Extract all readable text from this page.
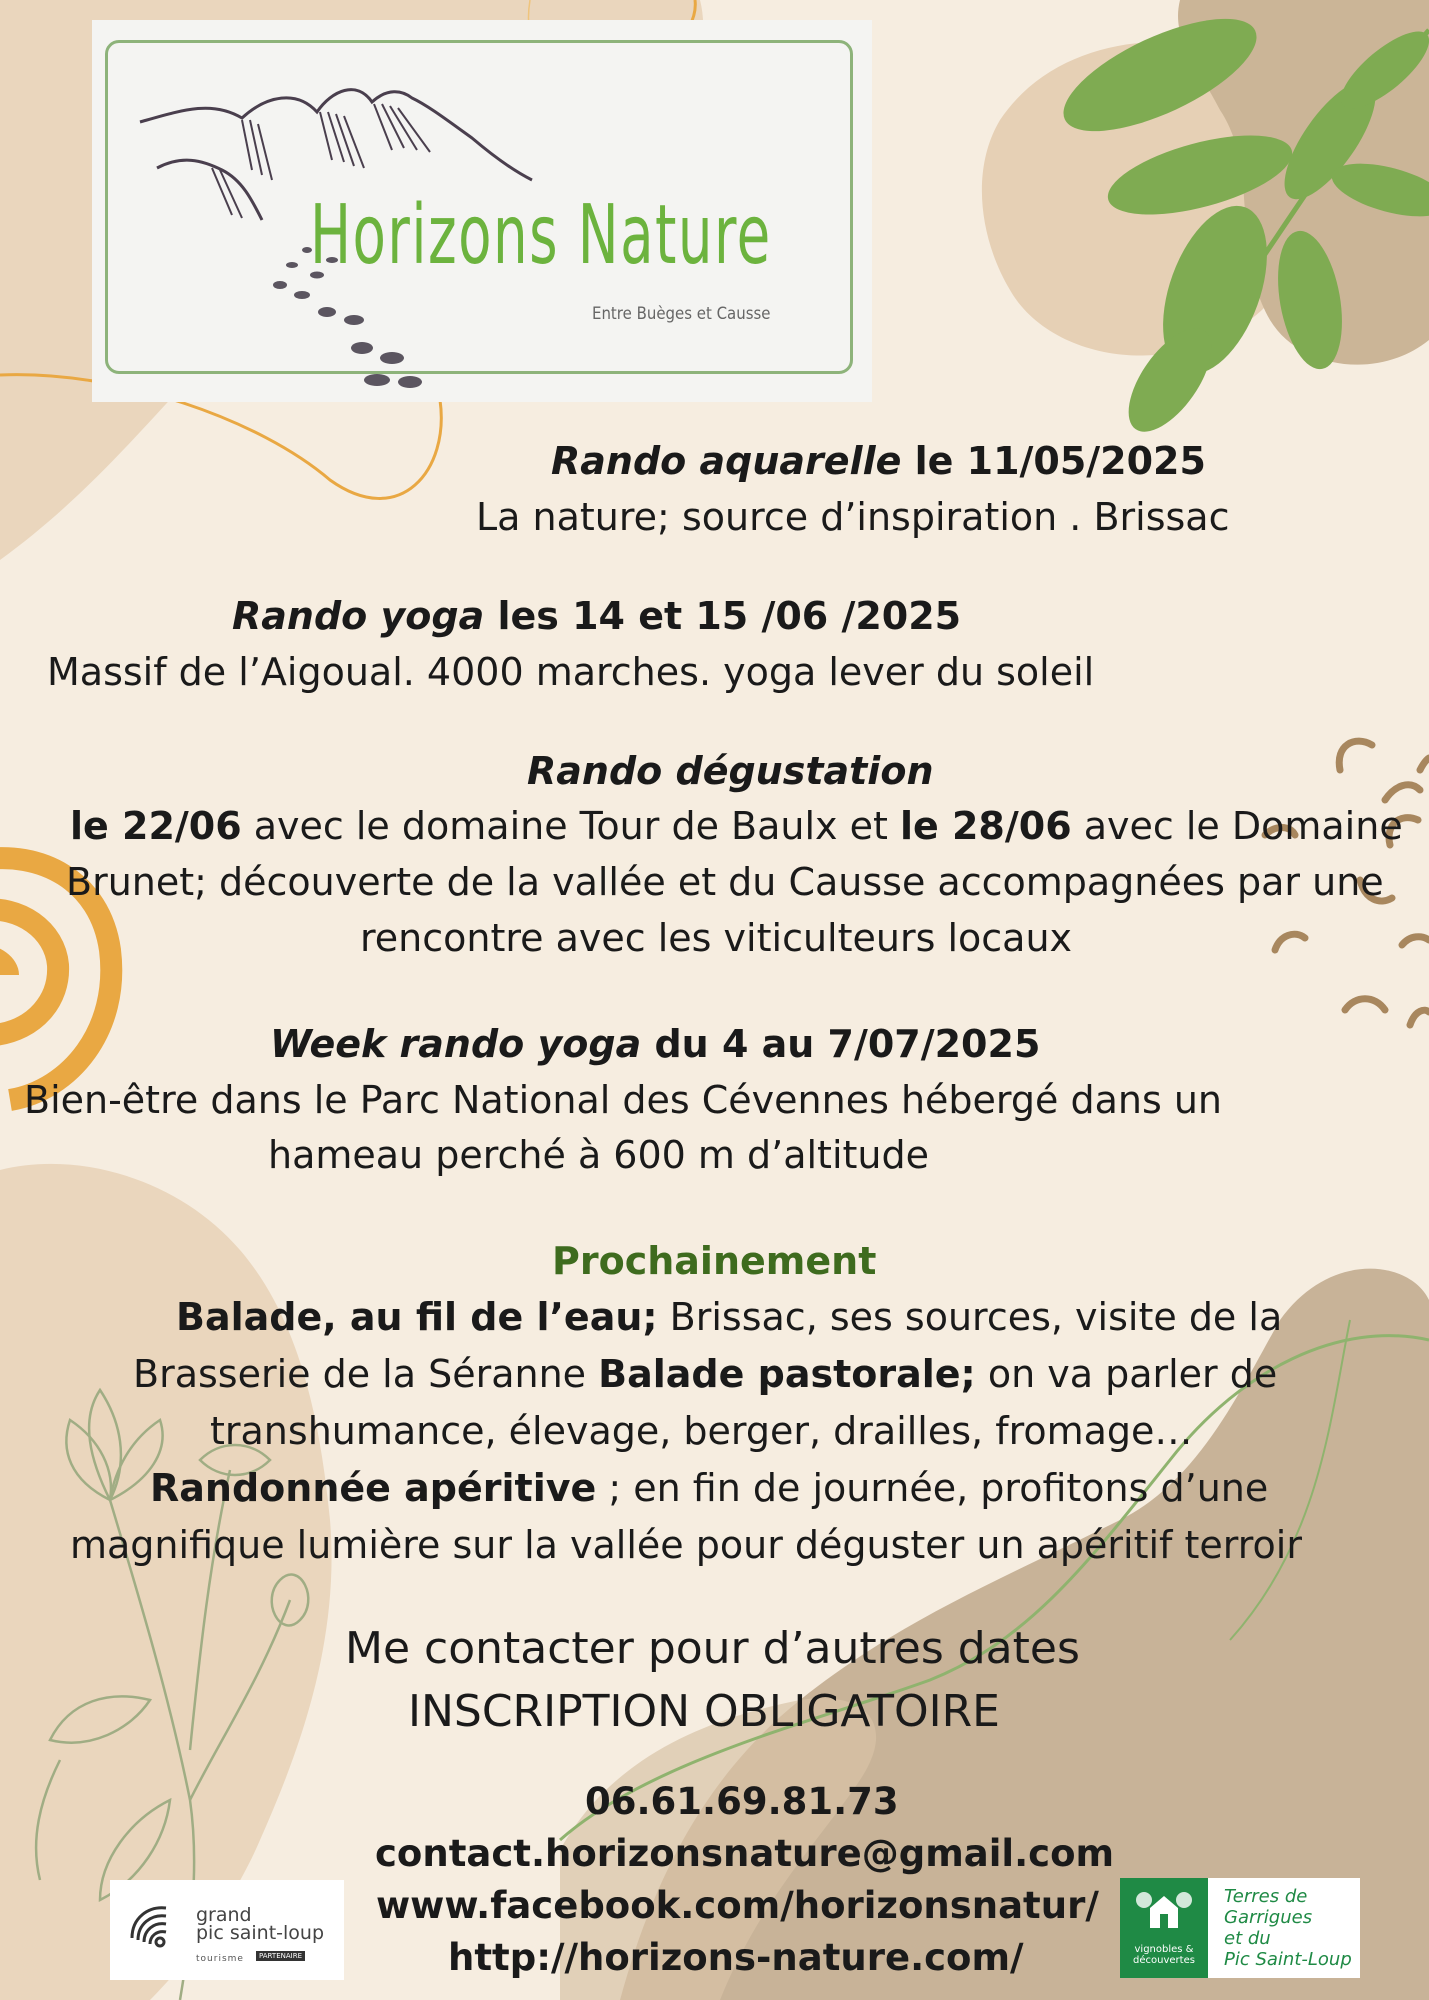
Horizons Nature
Entre Buèges et Causse
Rando aquarelle le 11/05/2025
La nature; source d’inspiration . Brissac
Rando yoga les 14 et 15 /06 /2025
Massif de l’Aigoual. 4000 marches. yoga lever du soleil
Rando dégustation
le 22/06 avec le domaine Tour de Baulx et le 28/06 avec le Domaine
Brunet; découverte de la vallée et du Causse accompagnées par une
rencontre avec les viticulteurs locaux
Week rando yoga du 4 au 7/07/2025
Bien-être dans le Parc National des Cévennes hébergé dans un
hameau perché à 600 m d’altitude
Prochainement
Balade, au fil de l’eau; Brissac, ses sources, visite de la
Brasserie de la Séranne Balade pastorale; on va parler de
transhumance, élevage, berger, drailles, fromage…
Randonnée apéritive ; en fin de journée, profitons d’une
magnifique lumière sur la vallée pour déguster un apéritif terroir
Me contacter pour d’autres dates
INSCRIPTION OBLIGATOIRE
06.61.69.81.73
contact.horizonsnature@gmail.com
www.facebook.com/horizonsnatur/
http://horizons-nature.com/
grand
pic saint-loup
tourisme	PARTENAIRE
vignobles & découvertes
Terres de
Garrigues
et du
Pic Saint-Loup
